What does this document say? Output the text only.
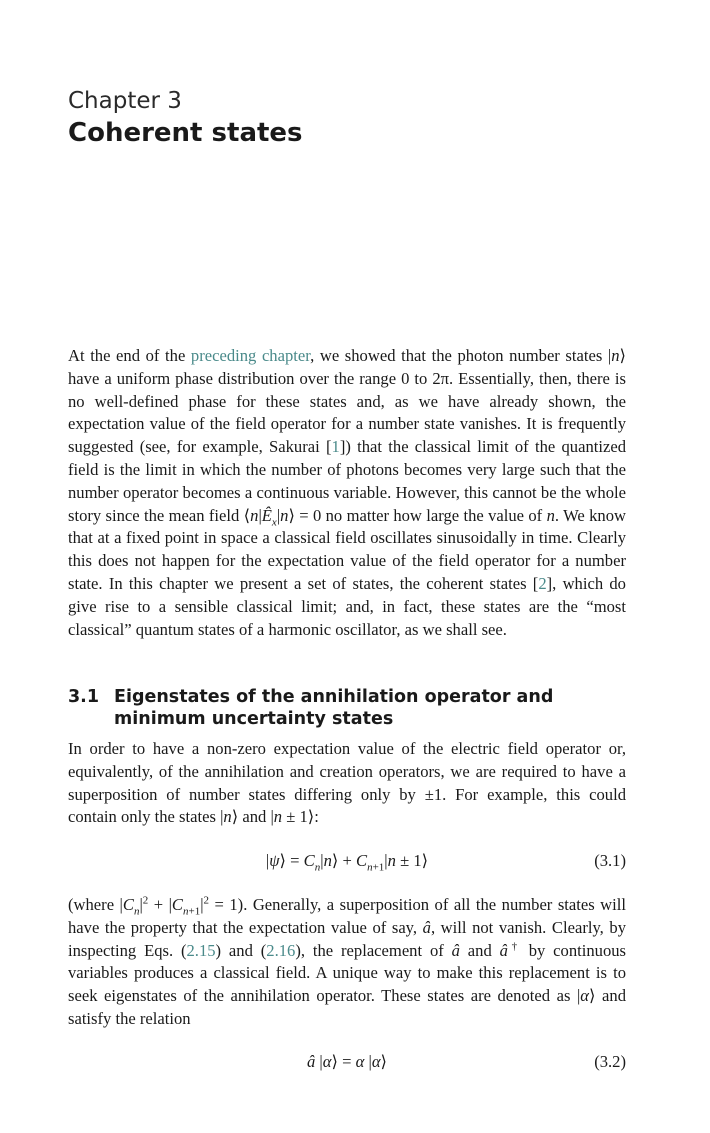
Chapter 3
Coherent states
At the end of the preceding chapter, we showed that the photon number states |n⟩ have a uniform phase distribution over the range 0 to 2π. Essentially, then, there is no well-defined phase for these states and, as we have already shown, the expectation value of the field operator for a number state vanishes. It is frequently suggested (see, for example, Sakurai [1]) that the classical limit of the quantized field is the limit in which the number of photons becomes very large such that the number operator becomes a continuous variable. However, this cannot be the whole story since the mean field $⟨n|Ê_x|n⟩ = 0$ no matter how large the value of n. We know that at a fixed point in space a classical field oscillates sinusoidally in time. Clearly this does not happen for the expectation value of the field operator for a number state. In this chapter we present a set of states, the coherent states [2], which do give rise to a sensible classical limit; and, in fact, these states are the “most classical” quantum states of a harmonic oscillator, as we shall see.
3.1 Eigenstates of the annihilation operator and minimum uncertainty states
In order to have a non-zero expectation value of the electric field operator or, equivalently, of the annihilation and creation operators, we are required to have a superposition of number states differing only by ±1. For example, this could contain only the states |n⟩ and |n ± 1⟩:
|ψ⟩ = $C_n|n⟩ + C_{n+1}|n$ ± 1⟩	(3.1)
(where $|C_n|^2 + |C_{n+1}|^2 = 1$). Generally, a superposition of all the number states will have the property that the expectation value of say, â, will not vanish. Clearly, by inspecting Eqs. (2.15) and (2.16), the replacement of â and â† by continuous variables produces a classical field. A unique way to make this replacement is to seek eigenstates of the annihilation operator. These states are denoted as |α⟩ and satisfy the relation
â |α⟩ = α |α⟩	(3.2)
